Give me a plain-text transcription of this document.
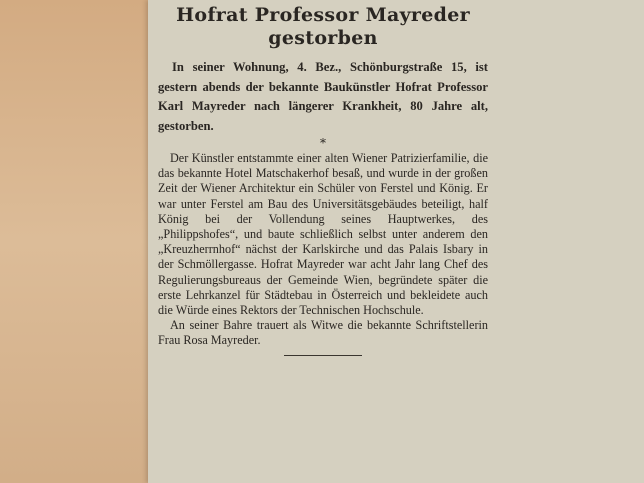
Hofrat Professor Mayreder
gestorben

In seiner Wohnung, 4. Bez., Schönburgstraße 15, ist gestern abends der bekannte Baukünstler Hofrat Professor Karl Mayreder nach längerer Krankheit, 80 Jahre alt, gestorben.

*

Der Künstler entstammte einer alten Wiener Patrizierfamilie, die das bekannte Hotel Matschakerhof besaß, und wurde in der großen Zeit der Wiener Architektur ein Schüler von Ferstel und König. Er war unter Ferstel am Bau des Universitätsgebäudes beteiligt, half König bei der Vollendung seines Hauptwerkes, des „Philippshofes“, und baute schließlich selbst unter anderem den „Kreuzherrnhof“ nächst der Karlskirche und das Palais Isbary in der Schmöllergasse. Hofrat Mayreder war acht Jahr lang Chef des Regulierungsbureaus der Gemeinde Wien, begründete später die erste Lehrkanzel für Städtebau in Österreich und bekleidete auch die Würde eines Rektors der Technischen Hochschule.

An seiner Bahre trauert als Witwe die bekannte Schriftstellerin Frau Rosa Mayreder.
